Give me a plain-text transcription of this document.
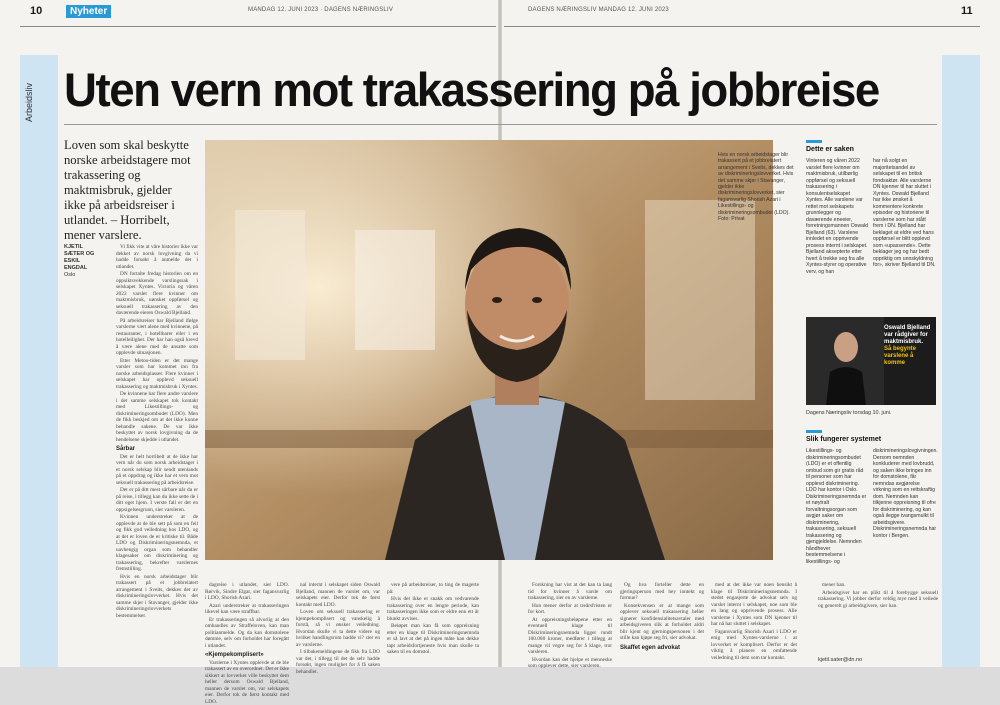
10	Nyheter	MANDAG 12. JUNI 2023 · DAGENS NÆRINGSLIV	DAGENS NÆRINGSLIV MANDAG 12. JUNI 2023	11
Arbeidsliv Uten vern mot trakassering på jobbreise
Loven som skal beskytte norske arbeidstagere mot trakassering og maktmisbruk, gjelder ikke på arbeidsreiser i utlandet. – Horribelt, mener varslere.
KJETIL SÆTER OG ESKIL ENGDAL
Oslo

Vi fikk vite at våre historier ikke var dekket av norsk lovgivning da vi hadde forsøkt å anmelde det i utlandet.

DN fortalte fredag historien om en oppsiktsvekkende varslingssak i selskapet Xyntes. Victoria og våren 2022 varslet flere kvinner om maktmisbruk, uønsket oppførsel og seksuell trakassering av den daværende eieren Oswald Bjelland.

På arbeidsreiser har Bjelland ifølge varslerne vært alene med kvinnene, på restauranter, i hotellbarer eller i en hotelleilighet. Der har han også krevd å være alene med de ansatte som opplevde situasjonen.

Etter Metoo-tiden er det mange varsler som har kommet inn fra norske arbeidsplasser. Flere kvinner i selskapet har opplevd seksuell trakassering og maktmisbruk i Xyntes.

De kvinnene har flere andre varslere i det samme selskapet tok kontakt med Likestillings- og diskrimineringsombudet (LDO). Men de fikk beskjed om at det ikke kunne behandle sakene. De var ikke beskyttet av norsk lovgivning da de hendelsene skjedde i utlandet.

Sårbar

Det er helt horribelt at de ikke har vern når du som norsk arbeidstager i et norsk selskap blir sendt utenlands på et oppdrag og ikke har et vern mot seksuell trakassering på arbeidsreise.

Det er på ditt mest sårbare når du er på reise, i tillegg kan du ikke sette de i ditt eget hjem. I verste fall er det en oppsigelsesgrunn, sier varsleren.

Kvinnen understreker at de opplevde at de ble sett på som en feil og fikk god veiledning hos LDO, og at det er loven de er kritiske til. Både LDO og Diskrimineringsnemnda, et uavhengig organ som behandler klagesaker om diskriminering og trakassering, bekrefter varslernes fremstilling.

Hvis en norsk arbeidstager blir trakassert på et jobbrelatert arrangement i Sveits, dekkes det av diskrimineringslovverket. Hvis det samme skjer i Stavanger, gjelder ikke diskrimineringslovverkets bestemmelser.

Hvis en norsk arbeidstager blir trakassert på et jobbrelatert arrangement i Sveits, dekkes det av diskrimineringslovverket. Hvis det samme skjer i Stavanger, gjelder ikke diskrimineringslovverket, sier fagansvarlig Shorish Azari i Likestillings- og diskrimineringsombudet (LDO). Foto: Privat
Dette er saken
Vinteren og våren 2022 varslet flere kvinner om maktmisbruk, utilbørlig oppførsel og seksuell trakassering i konsulentselskapet Xyntes. Alle varslene var rettet mot selskapets grunnlegger og daværende eneeier, forretningsmannen Oswald Bjelland (63). Varslene innledet en opprivende prosess internt i selskapet. Bjelland aksepterte etter hvert å trekke seg fra alle Xyntes-styrer og operative verv, og han
har nå solgt en majoritetsandel av selskapet til en britisk fondsaktør. Alle varslerne DN kjenner til har sluttet i Xyntes. Oswald Bjelland har ikke ønsket å kommentere konkrete episoder og historiene til varslerne som har stått frem i DN. Bjelland har beklaget at eldre ved hans oppførsel er blitt opplevd som «upassende». Dette beklager jeg og har bedt oppriktig om unnskyldning for», skriver Bjelland til DN.
Oswald Bjelland var rådgiver for
maktmisbruk.
Så begynte
varslene å komme
Dagens Næringsliv torsdag 10. juni.
Slik fungerer systemet
Likestillings- og diskrimineringsombudet (LDO) er et offentlig ombud som gir gratis råd til personer som har opplevd diskriminering. LDO har kontor i Oslo. Diskrimineringsnemnda er et nøytralt forvaltningsorgan som avgjør saker om diskriminering, trakassering, seksuell trakassering og gjengjeldelse. Nemnden håndhever bestemmelsene i likestillings- og
diskrimineringslovgivningen. Dersom nemnden konkluderer med lovbrudd, og saken ikke bringes inn for domstolene, får nemndas avgjørelse virkning som en rettskraftig dom. Nemnden kan tilkjenne oppreisning til ofre for diskriminering, og kan også ilegge tvangsmulkt til arbeidsgivere. Diskrimineringsnemnda har kontor i Bergen.

dagreise i utlandet, sier LDO. Rørvik, Sindre Elgar, sier fagansvarlig i LDO, Shorish Azari.

Azari understreker at trakasseringen likevel kan være straffbar.

Er trakasseringen så alvorlig at den omhandles av Straffeloven, kan man politianmelde. Og da kan domstolene dømme, selv om forholdet har foregått i utlandet.

«Kjempekomplisert»

Varslerne i Xyntes opplevde at de ble trakassert av en overordnet. Det er ikke sikkert at lovverket ville beskyttet dem heller dersom Oswald Bjelland, mannen de varslet om, var selskapets eier. Derfor tok de først kontakt med LDO.

nal internt i selskapet siden Oswald Bjelland, mannen de varslet om, var selskapets eier. Derfor tok de først kontakt med LDO.

Loven om seksuell trakassering er kjempekomplisert og vanskelig å forstå, så vi ønsker veiledning. Hvordan skulle vi ta dette videre og hvilket handlingsrom hadde vi? sier en av varslerne.

I tilbakemeldingene de fikk fra LDO var det, i tillegg til det de selv hadde forsøkt, ingen mulighet for å få saken behandlet.

vere på arbeidsreiser, to ting de magerte på:

Hvis det ikke er snakk om vedvarende trakassering over en lengre periode, kan trakasseringen ikke som er eldre enn ett år blunkt avvises.

Beløpet man kan få som oppreisning etter en klage til Diskrimineringsnemnda er så lavt at det på ingen måte kan dekke tapt arbeidsfortjeneste hvis man skulle ta saken til en domstol.

Forskning har vist at det kan ta lang tid for kvinner å varsle om trakassering, sier en av varslerne.

Hun mener derfor at treårsfristen er for kort.

At oppreisningsbeløpene etter en eventuell klage til Diskrimineringsnemnda ligger rundt 100.000 kroner, medfører i tillegg at mange vil vegre seg for å klage, tror varsleren.

Hvordan kan det hjelpe et menneske som opplever dette, sier varsleren.

Og hva forteller dette en gjeringsperson med hey inntekt og formue?

Konsekvensen er at mange som opplever seksuell trakassering heller signerer konfidensialitetsavtaler med arbeidsgiveren slik at forholdet aldri blir kjent og gjerningspersonen i det stille kan kjøpe seg fri, sier advokat.

Skaffet egen advokat

med at det ikke var noen hensikt å klage til Diskrimineringsnemnda. I stedet engasjerte de advokat selv og varslet internt i selskapet, noe som ble en lang og opprivende prosess. Alle varslerne i Xyntes som DN kjenner til har nå har sluttet i selskapet.

Fagansvarlig Shorish Azari i LDO er enig med Xyntes-varslerne i at lovverket er komplisert. Derfor er det viktig å planere en omfattende veiledning til dem som tar kontakt.

mener han.

Arbeidsgiver har en plikt til å forebygge seksuell trakassering. Vi jobber derfor veldig mye med å veilede og generelt gi arbeidsgivere, sier han.

kjetil.sater@dn.no
